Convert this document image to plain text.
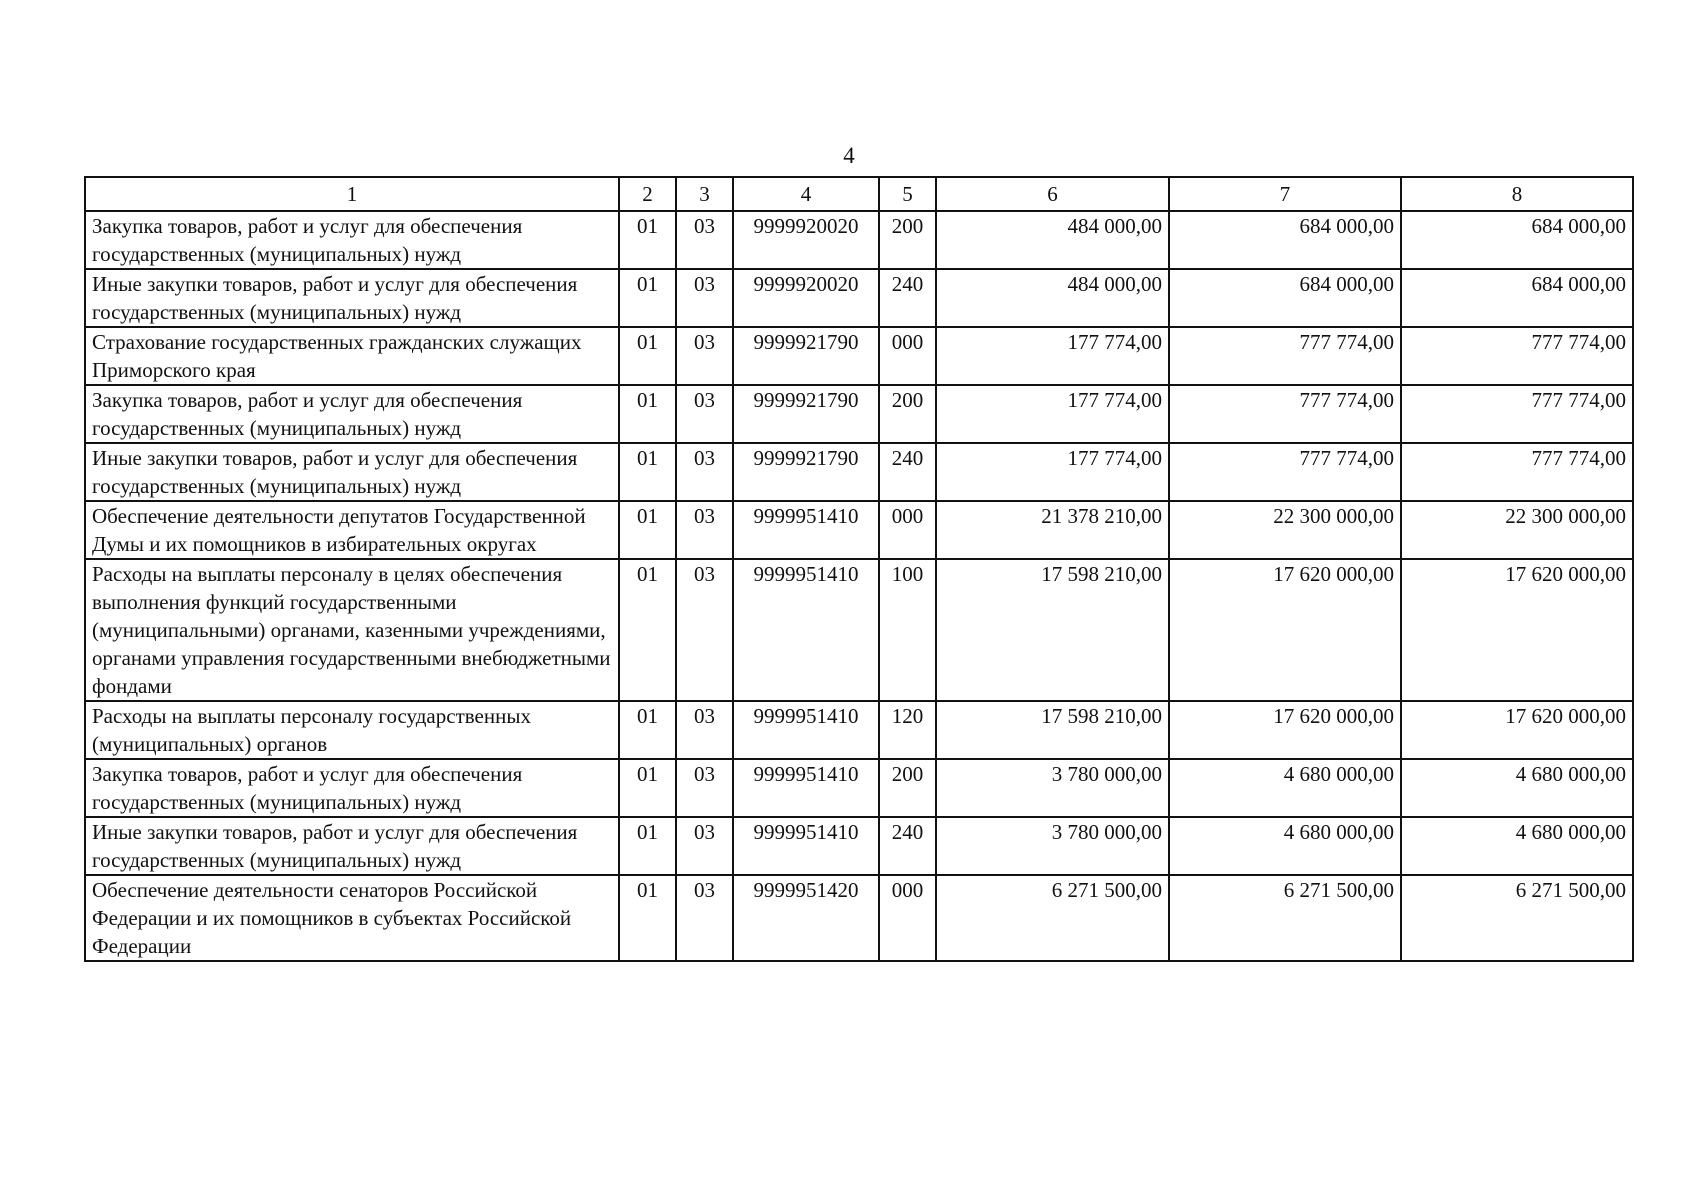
4
1	2	3	4	5	6	7	8
Закупка товаров, работ и услуг для обеспечения государственных (муниципальных) нужд	01	03	9999920020	200	484 000,00	684 000,00	684 000,00
Иные закупки товаров, работ и услуг для обеспечения государственных (муниципальных) нужд	01	03	9999920020	240	484 000,00	684 000,00	684 000,00
Страхование государственных гражданских служащих Приморского края	01	03	9999921790	000	177 774,00	777 774,00	777 774,00
Закупка товаров, работ и услуг для обеспечения государственных (муниципальных) нужд	01	03	9999921790	200	177 774,00	777 774,00	777 774,00
Иные закупки товаров, работ и услуг для обеспечения государственных (муниципальных) нужд	01	03	9999921790	240	177 774,00	777 774,00	777 774,00
Обеспечение деятельности депутатов Государственной Думы и их помощников в избирательных округах	01	03	9999951410	000	21 378 210,00	22 300 000,00	22 300 000,00
Расходы на выплаты персоналу в целях обеспечения выполнения функций государственными (муниципальными) органами, казенными учреждениями, органами управления государственными внебюджетными фондами	01	03	9999951410	100	17 598 210,00	17 620 000,00	17 620 000,00
Расходы на выплаты персоналу государственных (муниципальных) органов	01	03	9999951410	120	17 598 210,00	17 620 000,00	17 620 000,00
Закупка товаров, работ и услуг для обеспечения государственных (муниципальных) нужд	01	03	9999951410	200	3 780 000,00	4 680 000,00	4 680 000,00
Иные закупки товаров, работ и услуг для обеспечения государственных (муниципальных) нужд	01	03	9999951410	240	3 780 000,00	4 680 000,00	4 680 000,00
Обеспечение деятельности сенаторов Российской Федерации и их помощников в субъектах Российской Федерации	01	03	9999951420	000	6 271 500,00	6 271 500,00	6 271 500,00
